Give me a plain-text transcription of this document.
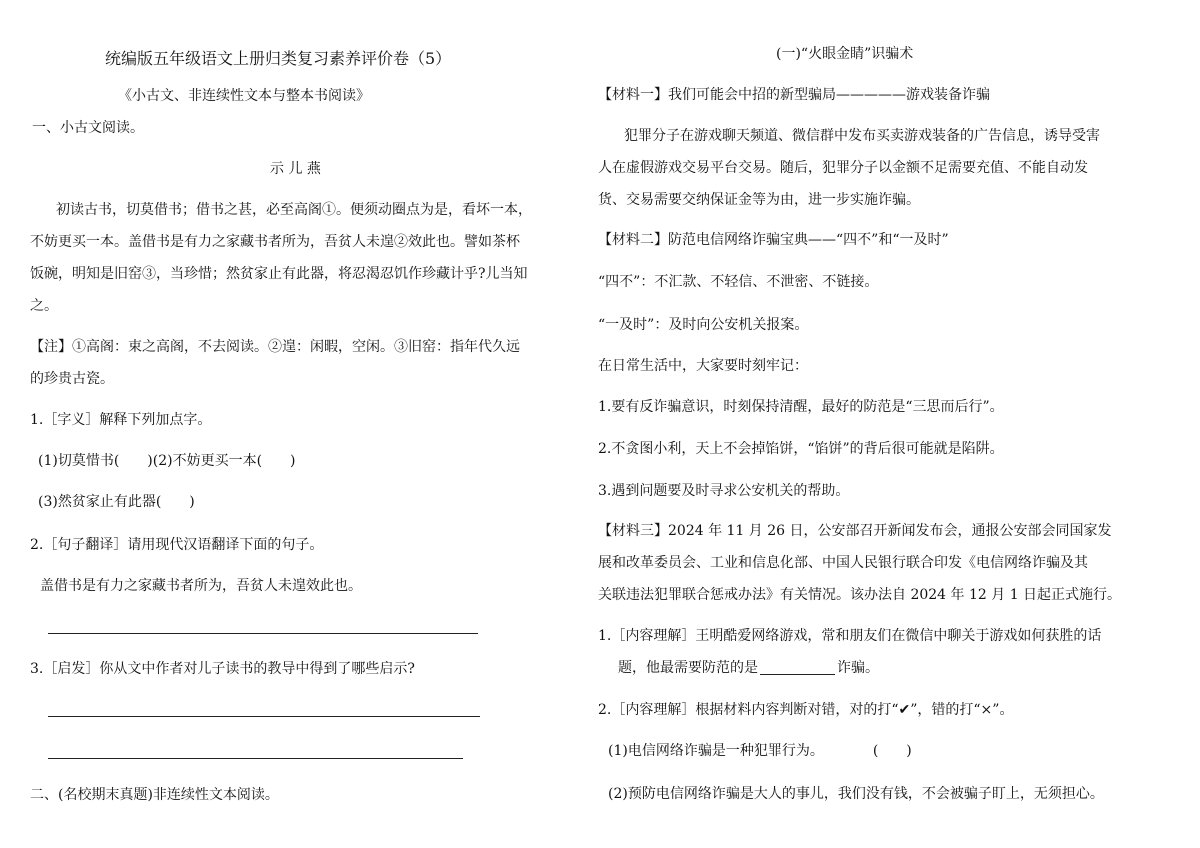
统编版五年级语文上册归类复习素养评价卷（5）
《小古文、非连续性文本与整本书阅读》
一、小古文阅读。
示 儿 燕
初读古书，切莫借书；借书之甚，必至高阁①。便须动圈点为是，看坏一本，
不妨更买一本。盖借书是有力之家藏书者所为，吾贫人未遑②效此也。譬如茶杯
饭碗，明知是旧窑③，当珍惜；然贫家止有此器，将忍渴忍饥作珍藏计乎?儿当知
之。
【注】①高阁：束之高阁，不去阅读。②遑：闲暇，空闲。③旧窑：指年代久远
的珍贵古瓷。
1.［字义］解释下列加点字。
(1)切莫惜书(　　)(2)不妨更买一本(　　)
(3)然贫家止有此器(　　)
2.［句子翻译］请用现代汉语翻译下面的句子。
盖借书是有力之家藏书者所为，吾贫人未遑效此也。
3.［启发］你从文中作者对儿子读书的教导中得到了哪些启示?
二、(名校期末真题)非连续性文本阅读。
(一)“火眼金睛”识骗术
【材料一】我们可能会中招的新型骗局—————游戏装备诈骗
犯罪分子在游戏聊天频道、微信群中发布买卖游戏装备的广告信息，诱导受害
人在虚假游戏交易平台交易。随后，犯罪分子以金额不足需要充值、不能自动发
货、交易需要交纳保证金等为由，进一步实施诈骗。
【材料二】防范电信网络诈骗宝典——“四不”和“一及时”
“四不”：不汇款、不轻信、不泄密、不链接。
“一及时”：及时向公安机关报案。
在日常生活中，大家要时刻牢记：
1.要有反诈骗意识，时刻保持清醒，最好的防范是“三思而后行”。
2.不贪图小利，天上不会掉馅饼，“馅饼”的背后很可能就是陷阱。
3.遇到问题要及时寻求公安机关的帮助。
【材料三】2024 年 11 月 26 日，公安部召开新闻发布会，通报公安部会同国家发
展和改革委员会、工业和信息化部、中国人民银行联合印发《电信网络诈骗及其
关联违法犯罪联合惩戒办法》有关情况。该办法自 2024 年 12 月 1 日起正式施行。
1.［内容理解］王明酷爱网络游戏，常和朋友们在微信中聊关于游戏如何获胜的话
题，他最需要防范的是	诈骗。
2.［内容理解］根据材料内容判断对错，对的打“✔”，错的打“×”。
(1)电信网络诈骗是一种犯罪行为。　　　　(　　)
(2)预防电信网络诈骗是大人的事儿，我们没有钱，不会被骗子盯上，无须担心。
